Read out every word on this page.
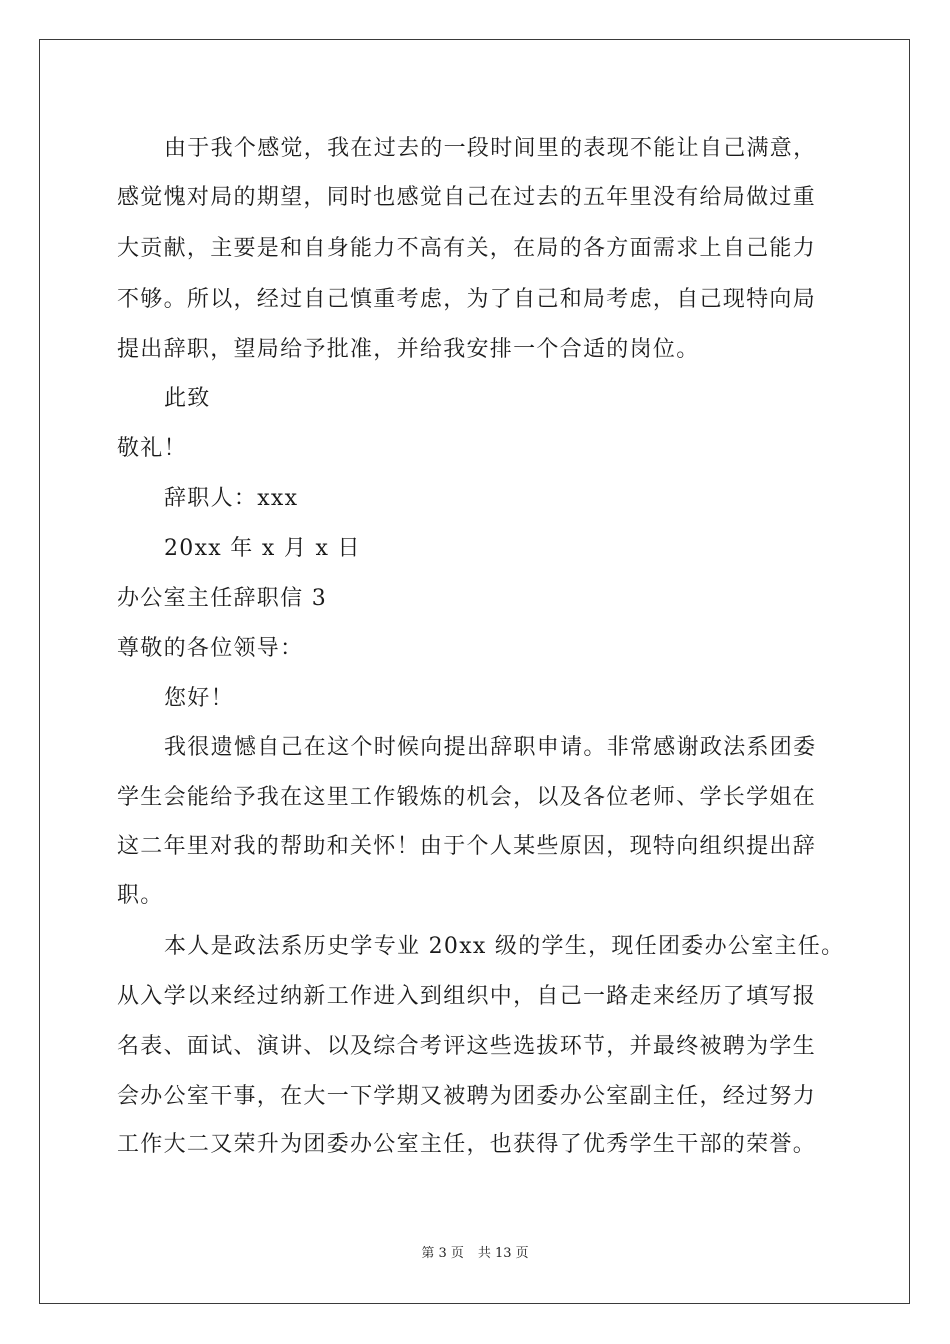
由于我个感觉，我在过去的一段时间里的表现不能让自己满意，
感觉愧对局的期望，同时也感觉自己在过去的五年里没有给局做过重
大贡献，主要是和自身能力不高有关，在局的各方面需求上自己能力
不够。所以，经过自己慎重考虑，为了自己和局考虑，自己现特向局
提出辞职，望局给予批准，并给我安排一个合适的岗位。
此致
敬礼！
辞职人：xxx
20xx 年 x 月 x 日
办公室主任辞职信 3
尊敬的各位领导：
您好！
我很遗憾自己在这个时候向提出辞职申请。非常感谢政法系团委
学生会能给予我在这里工作锻炼的机会，以及各位老师、学长学姐在
这二年里对我的帮助和关怀！由于个人某些原因，现特向组织提出辞
职。
本人是政法系历史学专业 20xx 级的学生，现任团委办公室主任。
从入学以来经过纳新工作进入到组织中，自己一路走来经历了填写报
名表、面试、演讲、以及综合考评这些选拔环节，并最终被聘为学生
会办公室干事，在大一下学期又被聘为团委办公室副主任，经过努力
工作大二又荣升为团委办公室主任，也获得了优秀学生干部的荣誉。
第 3 页 共 13 页
